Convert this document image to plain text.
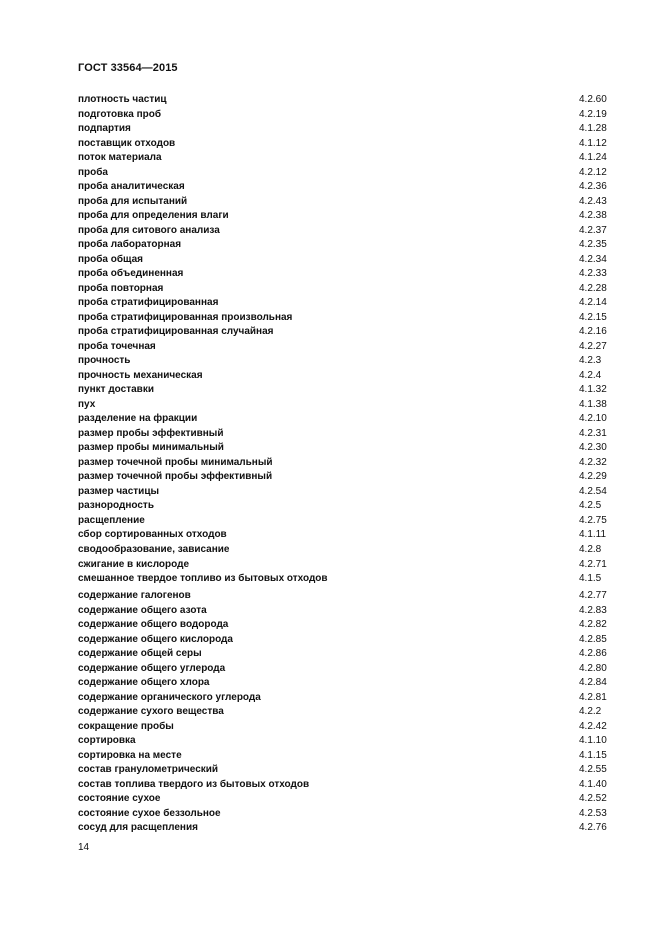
ГОСТ 33564—2015
плотность частиц	4.2.60
подготовка проб	4.2.19
подпартия	4.1.28
поставщик отходов	4.1.12
поток материала	4.1.24
проба	4.2.12
проба аналитическая	4.2.36
проба для испытаний	4.2.43
проба для определения влаги	4.2.38
проба для ситового анализа	4.2.37
проба лабораторная	4.2.35
проба общая	4.2.34
проба объединенная	4.2.33
проба повторная	4.2.28
проба стратифицированная	4.2.14
проба стратифицированная произвольная	4.2.15
проба стратифицированная случайная	4.2.16
проба точечная	4.2.27
прочность	4.2.3
прочность механическая	4.2.4
пункт доставки	4.1.32
пух	4.1.38
разделение на фракции	4.2.10
размер пробы эффективный	4.2.31
размер пробы минимальный	4.2.30
размер точечной пробы минимальный	4.2.32
размер точечной пробы эффективный	4.2.29
размер частицы	4.2.54
разнородность	4.2.5
расщепление	4.2.75
сбор сортированных отходов	4.1.11
сводообразование, зависание	4.2.8
сжигание в кислороде	4.2.71
смешанное твердое топливо из бытовых отходов	4.1.5
содержание галогенов	4.2.77
содержание общего азота	4.2.83
содержание общего водорода	4.2.82
содержание общего кислорода	4.2.85
содержание общей серы	4.2.86
содержание общего углерода	4.2.80
содержание общего хлора	4.2.84
содержание органического углерода	4.2.81
содержание сухого вещества	4.2.2
сокращение пробы	4.2.42
сортировка	4.1.10
сортировка на месте	4.1.15
состав гранулометрический	4.2.55
состав топлива твердого из бытовых отходов	4.1.40
состояние сухое	4.2.52
состояние сухое беззольное	4.2.53
сосуд для расщепления	4.2.76
14
